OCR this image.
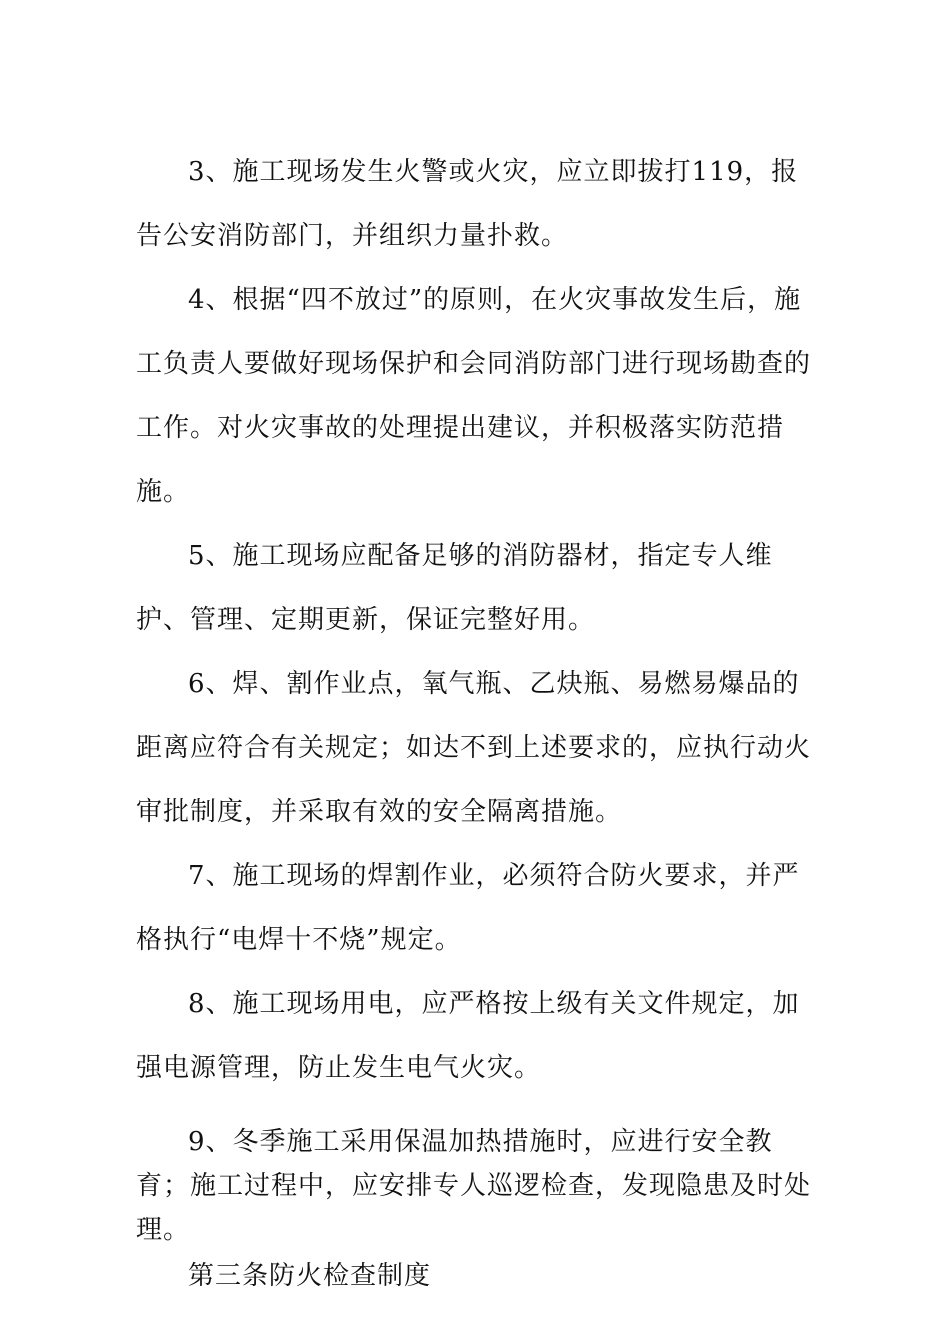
3、施工现场发生火警或火灾，应立即拔打119，报告公安消防部门，并组织力量扑救。

4、根据“四不放过”的原则，在火灾事故发生后，施工负责人要做好现场保护和会同消防部门进行现场勘查的工作。对火灾事故的处理提出建议，并积极落实防范措施。

5、施工现场应配备足够的消防器材，指定专人维护、管理、定期更新，保证完整好用。

6、焊、割作业点，氧气瓶、乙炔瓶、易燃易爆品的距离应符合有关规定；如达不到上述要求的，应执行动火审批制度，并采取有效的安全隔离措施。

7、施工现场的焊割作业，必须符合防火要求，并严格执行“电焊十不烧”规定。

8、施工现场用电，应严格按上级有关文件规定，加强电源管理，防止发生电气火灾。

9、冬季施工采用保温加热措施时，应进行安全教育；施工过程中，应安排专人巡逻检查，发现隐患及时处理。

第三条防火检查制度
